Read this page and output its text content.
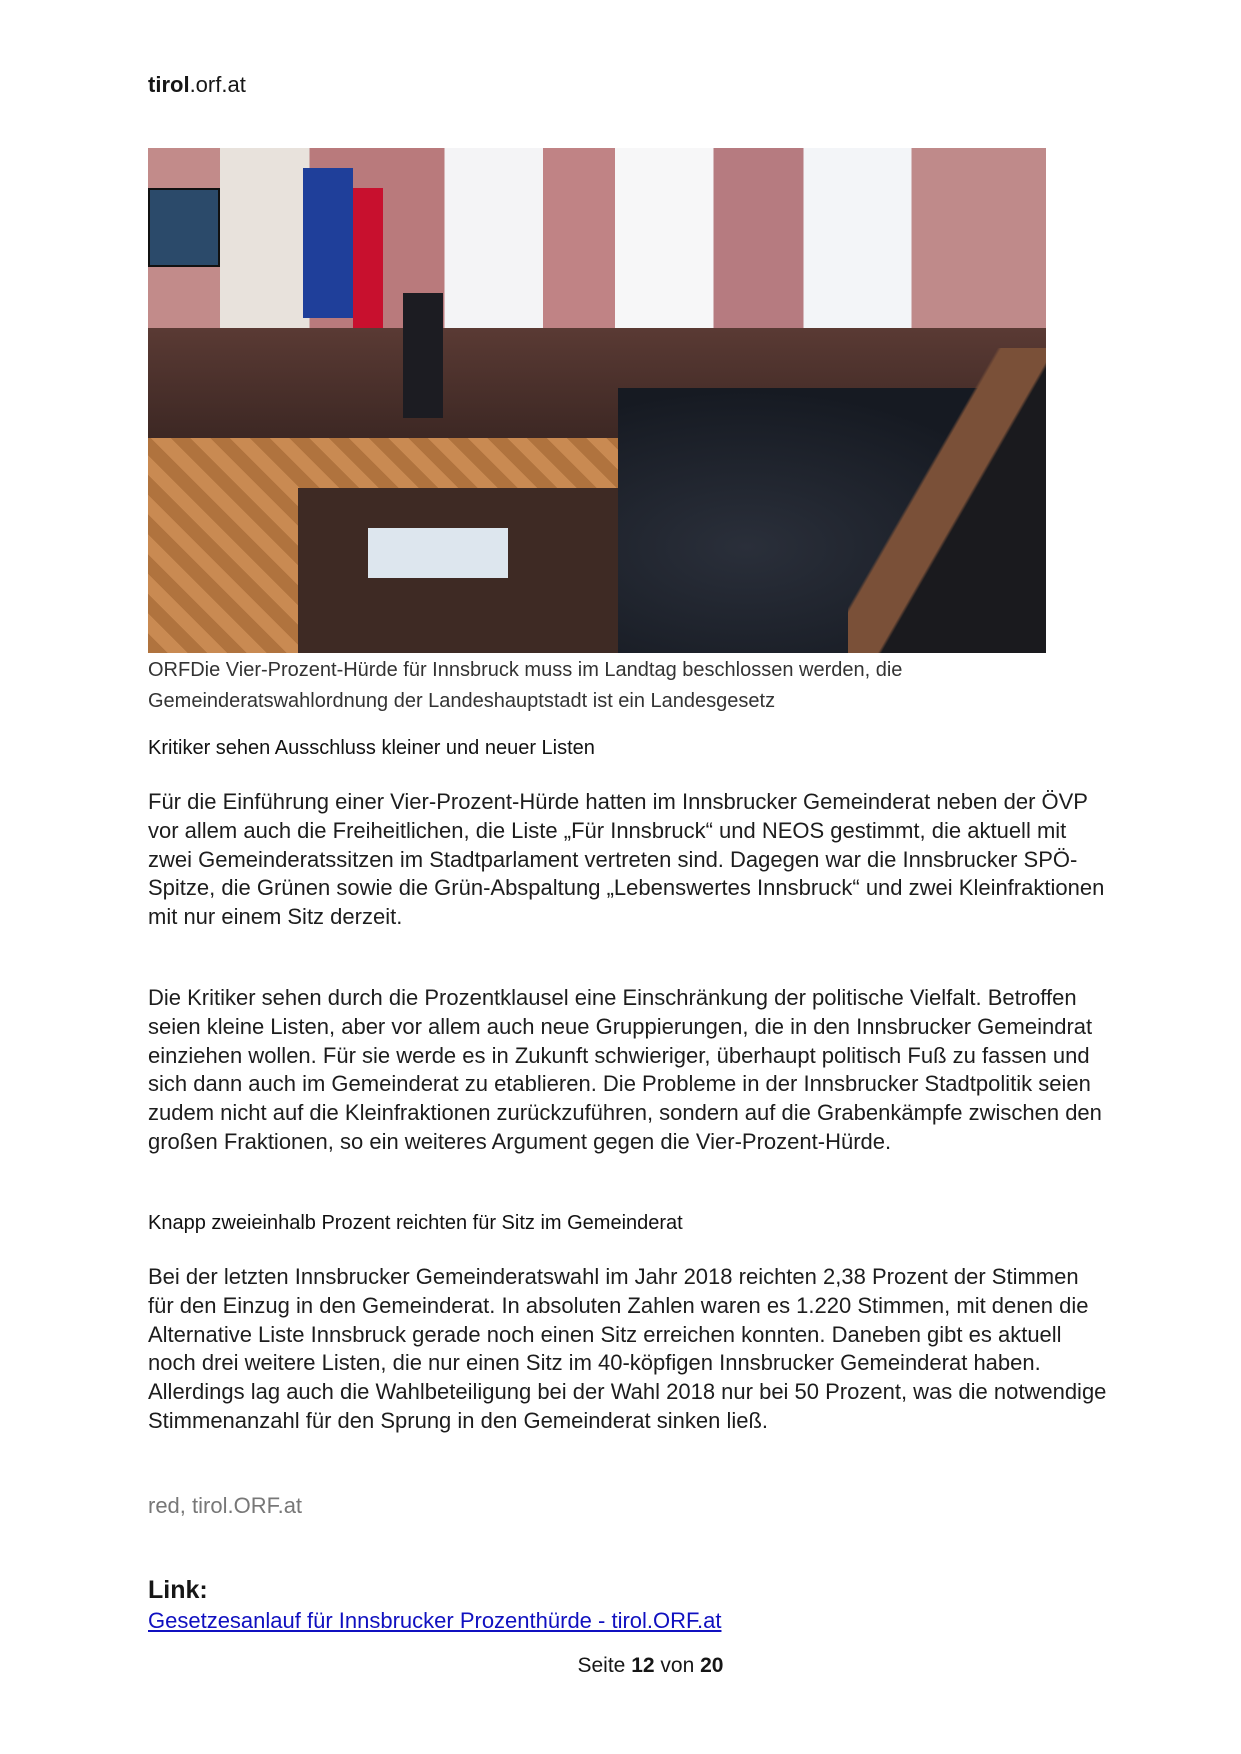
tirol.orf.at
ORFDie Vier-Prozent-Hürde für Innsbruck muss im Landtag beschlossen werden, die Gemeinderatswahlordnung der Landeshauptstadt ist ein Landesgesetz
Kritiker sehen Ausschluss kleiner und neuer Listen
Für die Einführung einer Vier-Prozent-Hürde hatten im Innsbrucker Gemeinderat neben der ÖVP vor allem auch die Freiheitlichen, die Liste „Für Innsbruck“ und NEOS gestimmt, die aktuell mit zwei Gemeinderatssitzen im Stadtparlament vertreten sind. Dagegen war die Innsbrucker SPÖ-Spitze, die Grünen sowie die Grün-Abspaltung „Lebenswertes Innsbruck“ und zwei Kleinfraktionen mit nur einem Sitz derzeit.
Die Kritiker sehen durch die Prozentklausel eine Einschränkung der politische Vielfalt. Betroffen seien kleine Listen, aber vor allem auch neue Gruppierungen, die in den Innsbrucker Gemeindrat einziehen wollen. Für sie werde es in Zukunft schwieriger, überhaupt politisch Fuß zu fassen und sich dann auch im Gemeinderat zu etablieren. Die Probleme in der Innsbrucker Stadtpolitik seien zudem nicht auf die Kleinfraktionen zurückzuführen, sondern auf die Grabenkämpfe zwischen den großen Fraktionen, so ein weiteres Argument gegen die Vier-Prozent-Hürde.
Knapp zweieinhalb Prozent reichten für Sitz im Gemeinderat
Bei der letzten Innsbrucker Gemeinderatswahl im Jahr 2018 reichten 2,38 Prozent der Stimmen für den Einzug in den Gemeinderat. In absoluten Zahlen waren es 1.220 Stimmen, mit denen die Alternative Liste Innsbruck gerade noch einen Sitz erreichen konnten. Daneben gibt es aktuell noch drei weitere Listen, die nur einen Sitz im 40-köpfigen Innsbrucker Gemeinderat haben. Allerdings lag auch die Wahlbeteiligung bei der Wahl 2018 nur bei 50 Prozent, was die notwendige Stimmenanzahl für den Sprung in den Gemeinderat sinken ließ.
red, tirol.ORF.at
Link:
Gesetzesanlauf für Innsbrucker Prozenthürde - tirol.ORF.at
Seite 12 von 20
